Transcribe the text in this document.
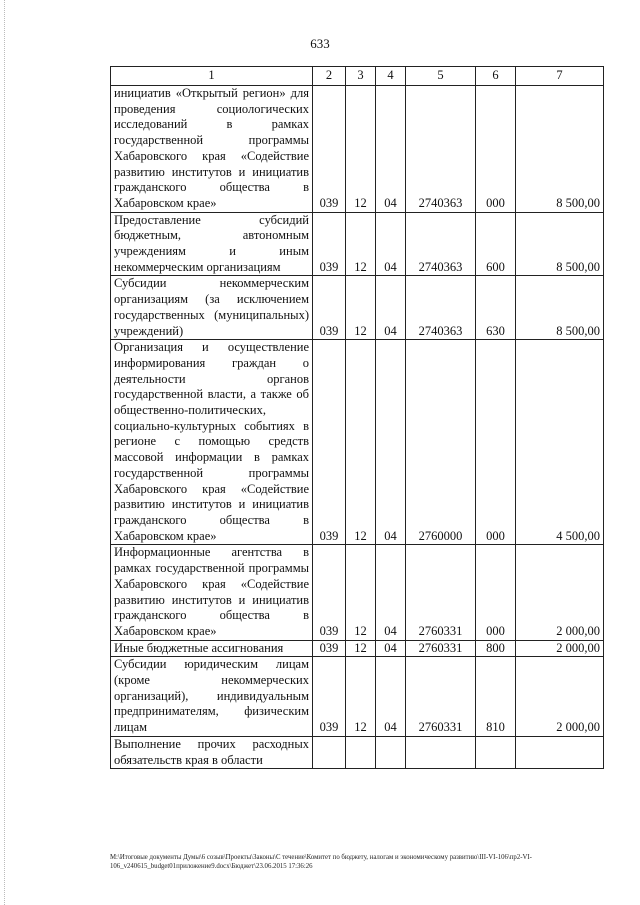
633
1	2	3	4	5	6	7
инициатив «Открытый регион» для проведения социологических исследований в рамках государственной программы Хабаровского края «Содействие развитию институтов и инициатив гражданского общества в Хабаровском крае»	039	12	04	2740363	000	8 500,00
Предоставление субсидий бюджетным, автономным учреждениям и иным некоммерческим организациям	039	12	04	2740363	600	8 500,00
Субсидии некоммерческим организациям (за исключением государственных (муниципальных) учреждений)	039	12	04	2740363	630	8 500,00
Организация и осуществление информирования граждан о деятельности органов государственной власти, а также об общественно-политических, социально-культурных событиях в регионе с помощью средств массовой информации в рамках государственной программы Хабаровского края «Содействие развитию институтов и инициатив гражданского общества в Хабаровском крае»	039	12	04	2760000	000	4 500,00
Информационные агентства в рамках государственной программы Хабаровского края «Содействие развитию институтов и инициатив гражданского общества в Хабаровском крае»	039	12	04	2760331	000	2 000,00
Иные бюджетные ассигнования	039	12	04	2760331	800	2 000,00
Субсидии юридическим лицам (кроме некоммерческих организаций), индивидуальным предпринимателям, физическим лицам	039	12	04	2760331	810	2 000,00
Выполнение прочих расходных обязательств края в области						
M:\Итоговые документы Думы\6 созыв\Проекты\Законы\С течение\Комитет по бюджету, налогам и экономическому развитию\III-VI-106\пр2-VI-106_v240615_budget01приложение9.docx\Бюджет\23.06.2015 17:36:26
